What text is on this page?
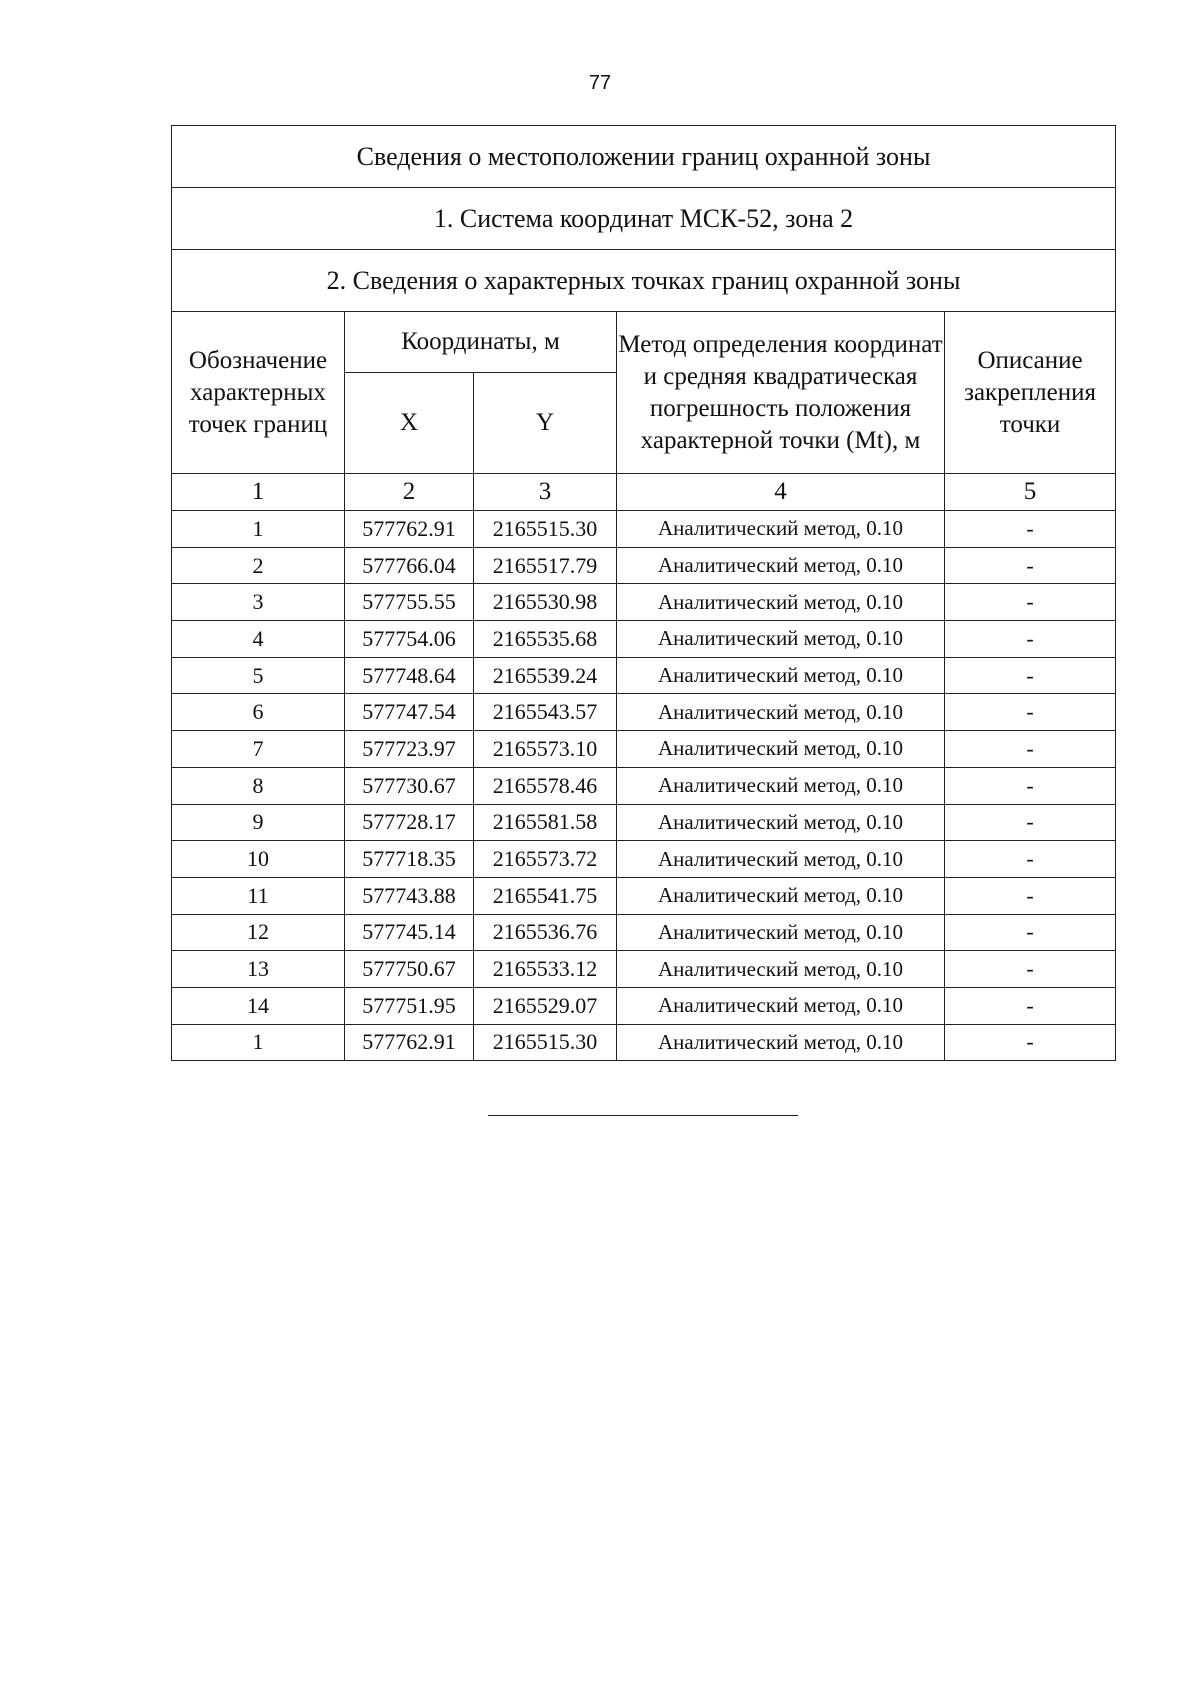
77
Сведения о местоположении границ охранной зоны				
1. Система координат МСК-52, зона 2				
2. Сведения о характерных точках границ охранной зоны				
Обозначение характерных точек границ	Координаты, м		Метод определения координат и средняя квадратическая погрешность положения характерной точки (Mt), м	Описание закрепления точки
	X	Y		
1	2	3	4	5
1	577762.91	2165515.30	Аналитический метод, 0.10	-
2	577766.04	2165517.79	Аналитический метод, 0.10	-
3	577755.55	2165530.98	Аналитический метод, 0.10	-
4	577754.06	2165535.68	Аналитический метод, 0.10	-
5	577748.64	2165539.24	Аналитический метод, 0.10	-
6	577747.54	2165543.57	Аналитический метод, 0.10	-
7	577723.97	2165573.10	Аналитический метод, 0.10	-
8	577730.67	2165578.46	Аналитический метод, 0.10	-
9	577728.17	2165581.58	Аналитический метод, 0.10	-
10	577718.35	2165573.72	Аналитический метод, 0.10	-
11	577743.88	2165541.75	Аналитический метод, 0.10	-
12	577745.14	2165536.76	Аналитический метод, 0.10	-
13	577750.67	2165533.12	Аналитический метод, 0.10	-
14	577751.95	2165529.07	Аналитический метод, 0.10	-
1	577762.91	2165515.30	Аналитический метод, 0.10	-
